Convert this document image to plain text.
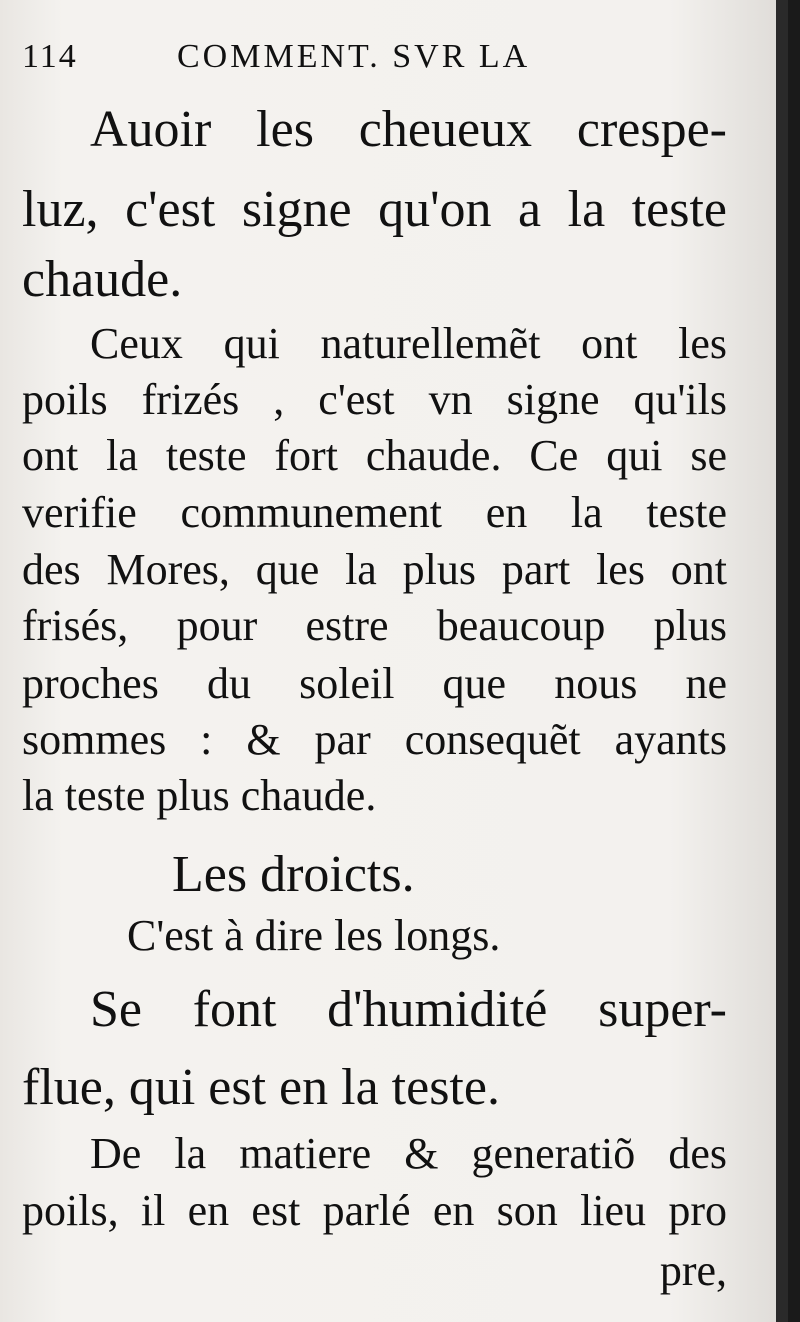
114	COMMENT. SVR LA
Auoir les cheueux crespe-
luz, c'est signe qu'on a la teste
chaude.
Ceux qui naturellemẽt ont les
poils frizés , c'est vn signe qu'ils
ont la teste fort chaude. Ce qui se
verifie communement en la teste
des Mores, que la plus part les ont
frisés, pour estre beaucoup plus
proches du soleil que nous ne
sommes : & par consequẽt ayants
la teste plus chaude.
Les droicts.
C'est à dire les longs.
Se font d'humidité super-
flue, qui est en la teste.
De la matiere & generatiõ des
poils, il en est parlé en son lieu pro
pre,
